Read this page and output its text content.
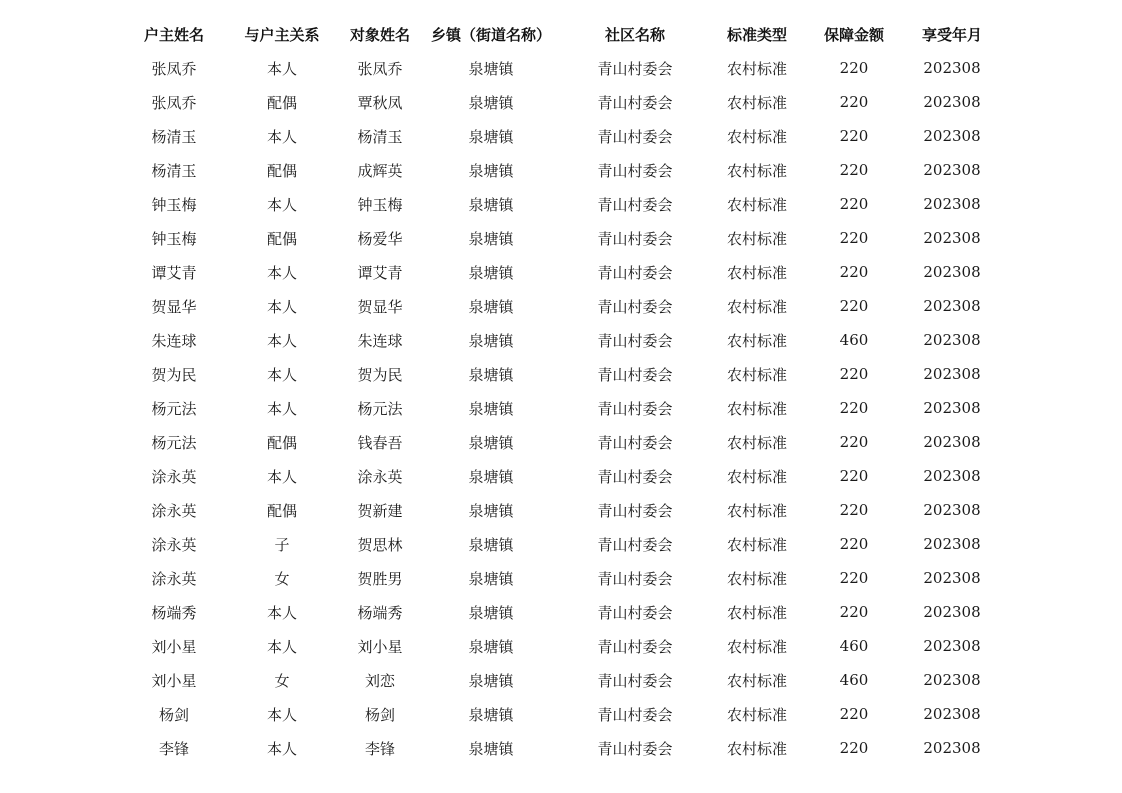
户主姓名	与户主关系	对象姓名	乡镇（街道名称）	社区名称	标准类型	保障金额	享受年月
张凤乔	本人	张凤乔	泉塘镇	青山村委会	农村标准	220	202308
张凤乔	配偶	覃秋凤	泉塘镇	青山村委会	农村标准	220	202308
杨清玉	本人	杨清玉	泉塘镇	青山村委会	农村标准	220	202308
杨清玉	配偶	成辉英	泉塘镇	青山村委会	农村标准	220	202308
钟玉梅	本人	钟玉梅	泉塘镇	青山村委会	农村标准	220	202308
钟玉梅	配偶	杨爱华	泉塘镇	青山村委会	农村标准	220	202308
谭艾青	本人	谭艾青	泉塘镇	青山村委会	农村标准	220	202308
贺显华	本人	贺显华	泉塘镇	青山村委会	农村标准	220	202308
朱连球	本人	朱连球	泉塘镇	青山村委会	农村标准	460	202308
贺为民	本人	贺为民	泉塘镇	青山村委会	农村标准	220	202308
杨元法	本人	杨元法	泉塘镇	青山村委会	农村标准	220	202308
杨元法	配偶	钱春吾	泉塘镇	青山村委会	农村标准	220	202308
涂永英	本人	涂永英	泉塘镇	青山村委会	农村标准	220	202308
涂永英	配偶	贺新建	泉塘镇	青山村委会	农村标准	220	202308
涂永英	子	贺思林	泉塘镇	青山村委会	农村标准	220	202308
涂永英	女	贺胜男	泉塘镇	青山村委会	农村标准	220	202308
杨端秀	本人	杨端秀	泉塘镇	青山村委会	农村标准	220	202308
刘小星	本人	刘小星	泉塘镇	青山村委会	农村标准	460	202308
刘小星	女	刘恋	泉塘镇	青山村委会	农村标准	460	202308
杨剑	本人	杨剑	泉塘镇	青山村委会	农村标准	220	202308
李锋	本人	李锋	泉塘镇	青山村委会	农村标准	220	202308
